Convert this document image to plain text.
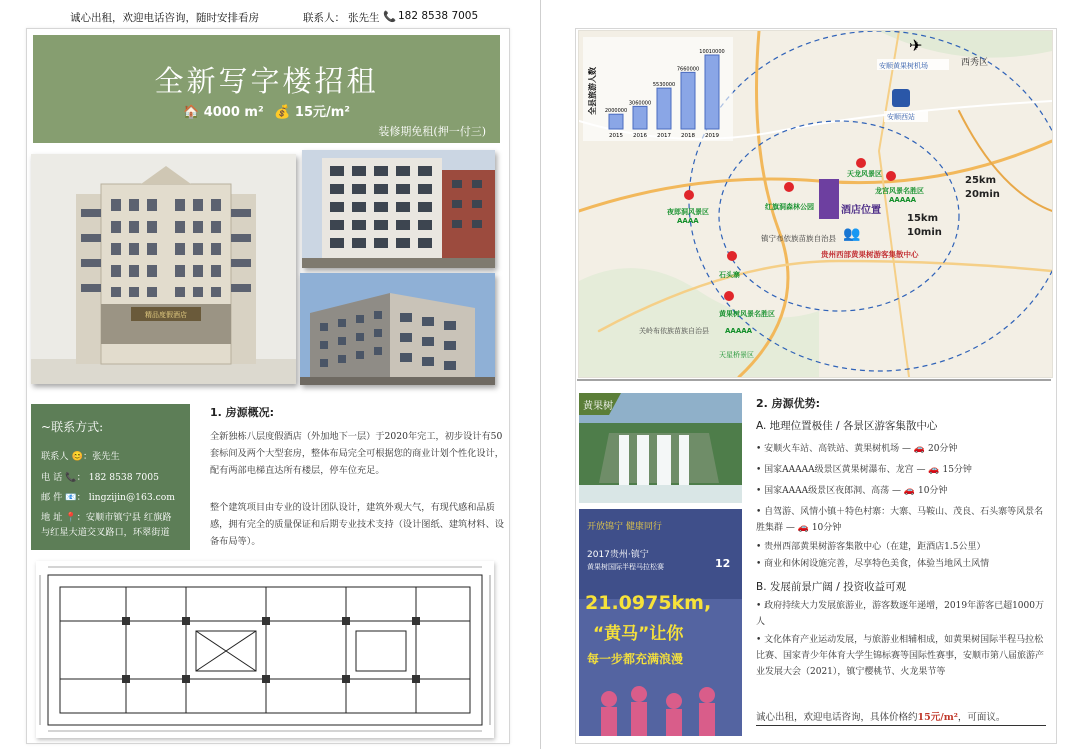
诚心出租，欢迎电话咨询，随时安排看房	联系人： 张先生 📞 182 8538 7005
全新写字楼招租
🏠 4000 m² 💰 15元/m²
装修期免租(押一付三)
精品度假酒店
~联系方式:
联系人 😊：张先生
电 话 📞： 182 8538 7005
邮 件 📧： lingzijin@163.com
地 址 📍：安顺市镇宁县 红旗路
与红星大道交叉路口，环翠街道
1. 房源概况:
全新独栋八层度假酒店（外加地下一层）于2020年完工，初步设计有50套标间及两个大型套房，整体布局完全可根据您的商业计划个性化设计，配有两部电梯直达所有楼层，停车位充足。
整个建筑项目由专业的设计团队设计，建筑外观大气，有现代感和品质感，拥有完全的质量保证和后期专业技术支持（设计图纸、建筑材料、设备布局等）。
全县旅游人数 2000000
2015
3060000
2016
5530000
2017
7660000
2018
10010000
2019
✈
安顺黄果树机场	西秀区
安顺西站
夜郎洞风景区
AAAA
红旗洞森林公园
天龙风景区
龙宫风景名胜区
AAAAA
石头寨
黄果树风景名胜区
AAAAA
关岭布依族苗族自治县
天星桥景区
酒店位置
镇宁布依族苗族自治县 👥
贵州西部黄果树游客集散中心
15km
10min
25km
20min
黄果树
开放锦宁 健康同行
2017贵州·镇宁
黄果树国际半程马拉松赛	12
21.0975km,
“黄马”让你
每一步都充满浪漫
2. 房源优势:
A. 地理位置极佳 / 各景区游客集散中心
• 安顺火车站、高铁站、黄果树机场 — 🚗 20分钟
• 国家AAAAA级景区黄果树瀑布、龙宫 — 🚗 15分钟
• 国家AAAA级景区夜郎洞、高荡 — 🚗 10分钟
• 自驾游、风情小镇＋特色村寨：大寨、马鞍山、茂良、石头寨等风景名胜集群 — 🚗 10分钟
• 贵州西部黄果树游客集散中心（在建，距酒店1.5公里）
• 商业和休闲设施完善，尽享特色美食，体验当地风土风情
B. 发展前景广阔 / 投资收益可观
• 政府持续大力发展旅游业，游客数逐年递增，2019年游客已超1000万人
• 文化体育产业运动发展，与旅游业相辅相成，如黄果树国际半程马拉松比赛、国家青少年体育大学生锦标赛等国际性赛事，安顺市第八届旅游产业发展大会（2021），镇宁樱桃节、火龙果节等
诚心出租，欢迎电话咨询，具体价格约15元/m²，可面议。
